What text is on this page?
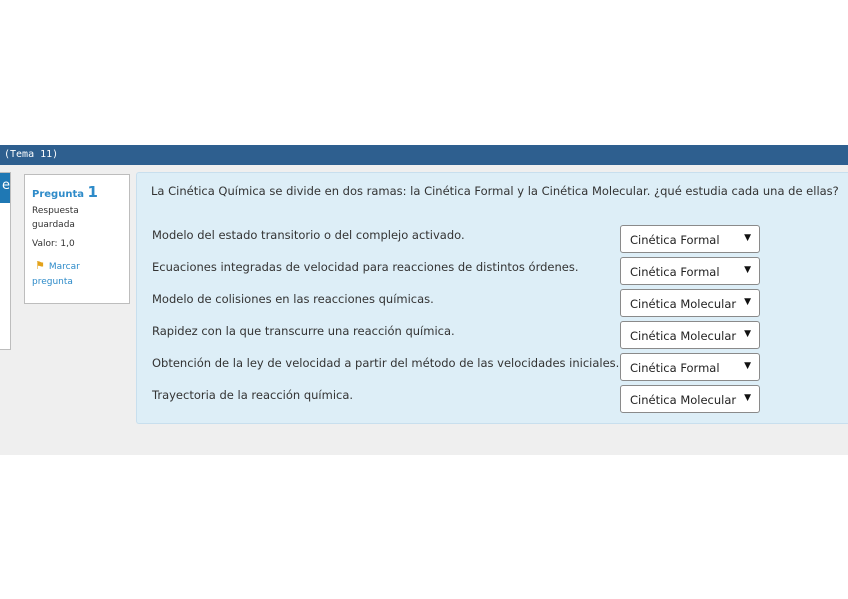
(Tema 11)
e
Pregunta 1
Respuesta
guardada
Valor: 1,0
⚑ Marcar
pregunta
La Cinética Química se divide en dos ramas: la Cinética Formal y la Cinética Molecular. ¿qué estudia cada una de ellas?
Modelo del estado transitorio o del complejo activado.	Cinética Formal	▼
Ecuaciones integradas de velocidad para reacciones de distintos órdenes.	Cinética Formal	▼
Modelo de colisiones en las reacciones químicas.	Cinética Molecular ▼
Rapidez con la que transcurre una reacción química.	Cinética Molecular ▼
Obtención de la ley de velocidad a partir del método de las velocidades iniciales. Cinética Formal	▼
Trayectoria de la reacción química.	Cinética Molecular ▼
